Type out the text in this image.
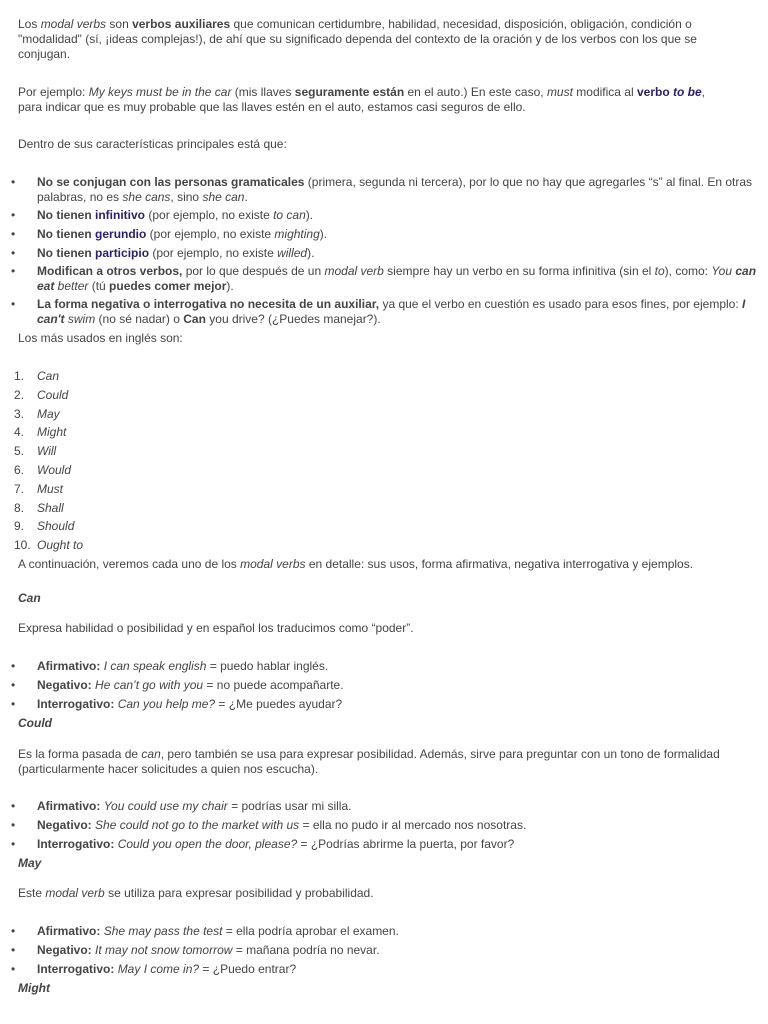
Los modal verbs son verbos auxiliares que comunican certidumbre, habilidad, necesidad, disposición, obligación, condición o "modalidad" (sí, ¡ideas complejas!), de ahí que su significado dependa del contexto de la oración y de los verbos con los que se conjugan.

Por ejemplo: My keys must be in the car (mis llaves seguramente están en el auto.) En este caso, must modifica al verbo to be, para indicar que es muy probable que las llaves estén en el auto, estamos casi seguros de ello.

Dentro de sus características principales está que:

• No se conjugan con las personas gramaticales (primera, segunda ni tercera), por lo que no hay que agregarles “s” al final. En otras palabras, no es she cans, sino she can.
• No tienen infinitivo (por ejemplo, no existe to can).
• No tienen gerundio (por ejemplo, no existe mighting).
• No tienen participio (por ejemplo, no existe willed).
• Modifican a otros verbos, por lo que después de un modal verb siempre hay un verbo en su forma infinitiva (sin el to), como: You can eat better (tú puedes comer mejor).
• La forma negativa o interrogativa no necesita de un auxiliar, ya que el verbo en cuestión es usado para esos fines, por ejemplo: I can't swim (no sé nadar) o Can you drive? (¿Puedes manejar?).

Los más usados en inglés son:

1. Can
2. Could
3. May
4. Might
5. Will
6. Would
7. Must
8. Shall
9. Should
10. Ought to

A continuación, veremos cada uno de los modal verbs en detalle: sus usos, forma afirmativa, negativa interrogativa y ejemplos.

Can

Expresa habilidad o posibilidad y en español los traducimos como “poder”.

• Afirmativo: I can speak english = puedo hablar inglés.
• Negativo: He can’t go with you = no puede acompañarte.
• Interrogativo: Can you help me? = ¿Me puedes ayudar?

Could

Es la forma pasada de can, pero también se usa para expresar posibilidad. Además, sirve para preguntar con un tono de formalidad (particularmente hacer solicitudes a quien nos escucha).

• Afirmativo: You could use my chair = podrías usar mi silla.
• Negativo: She could not go to the market with us = ella no pudo ir al mercado nos nosotras.
• Interrogativo: Could you open the door, please? = ¿Podrías abrirme la puerta, por favor?

May

Este modal verb se utiliza para expresar posibilidad y probabilidad.

• Afirmativo: She may pass the test = ella podría aprobar el examen.
• Negativo: It may not snow tomorrow = mañana podría no nevar.
• Interrogativo: May I come in? = ¿Puedo entrar?

Might
